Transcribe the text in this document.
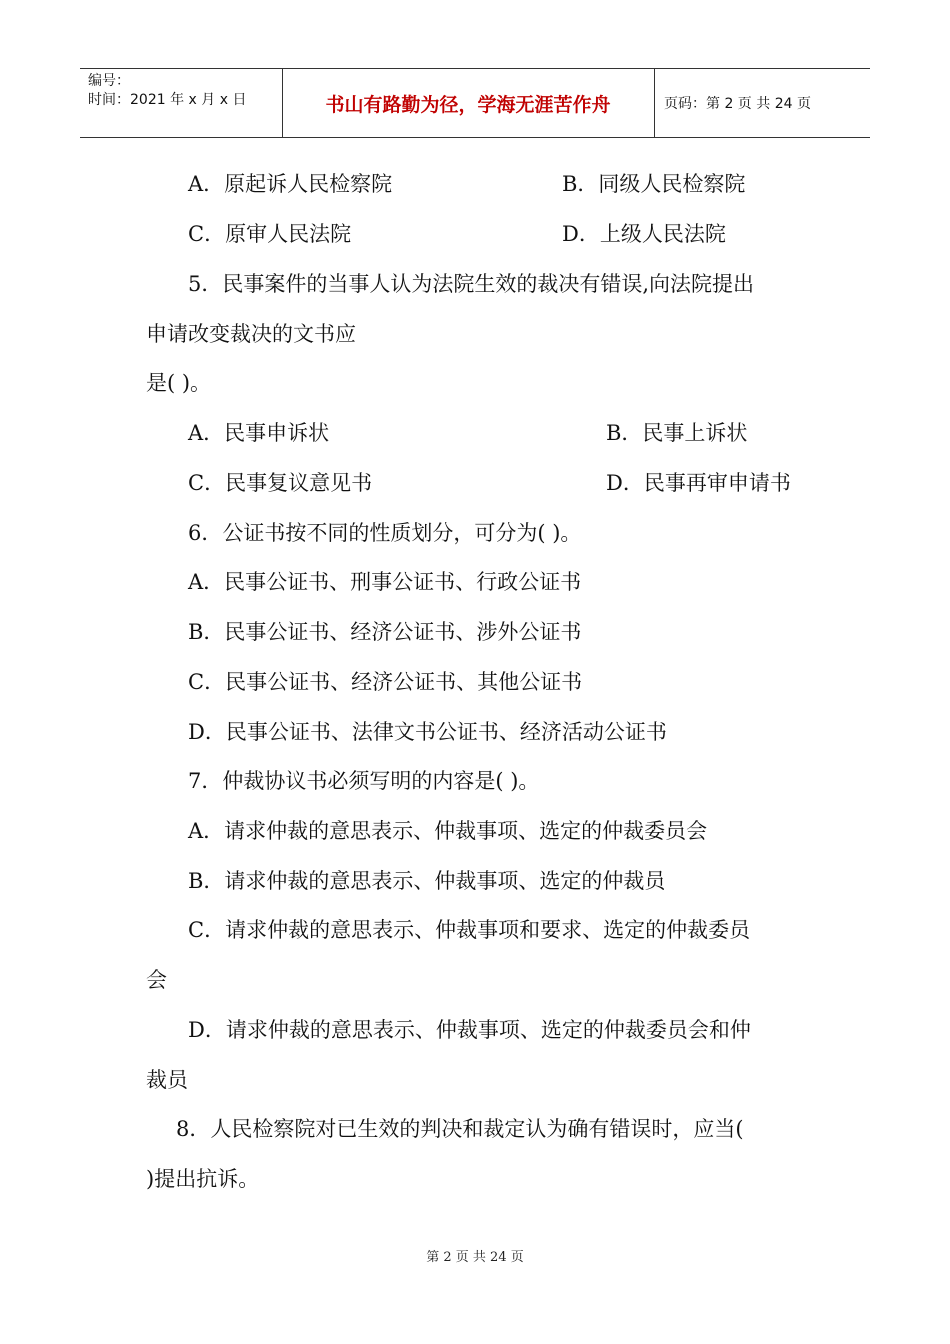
编号：
时间：2021 年 x 月 x 日	书山有路勤为径，学海无涯苦作舟	页码：第 2 页 共 24 页
A．原起诉人民检察院	B．同级人民检察院
C．原审人民法院	D．上级人民法院
5．民事案件的当事人认为法院生效的裁决有错误,向法院提出
申请改变裁决的文书应
是( )。
A．民事申诉状	B．民事上诉状
C．民事复议意见书	D．民事再审申请书
6．公证书按不同的性质划分，可分为( )。
A．民事公证书、刑事公证书、行政公证书
B．民事公证书、经济公证书、涉外公证书
C．民事公证书、经济公证书、其他公证书
D．民事公证书、法律文书公证书、经济活动公证书
7．仲裁协议书必须写明的内容是( )。
A．请求仲裁的意思表示、仲裁事项、选定的仲裁委员会
B．请求仲裁的意思表示、仲裁事项、选定的仲裁员
C．请求仲裁的意思表示、仲裁事项和要求、选定的仲裁委员
会
D．请求仲裁的意思表示、仲裁事项、选定的仲裁委员会和仲
裁员
8．人民检察院对已生效的判决和裁定认为确有错误时，应当(
)提出抗诉。
第 2 页 共 24 页
